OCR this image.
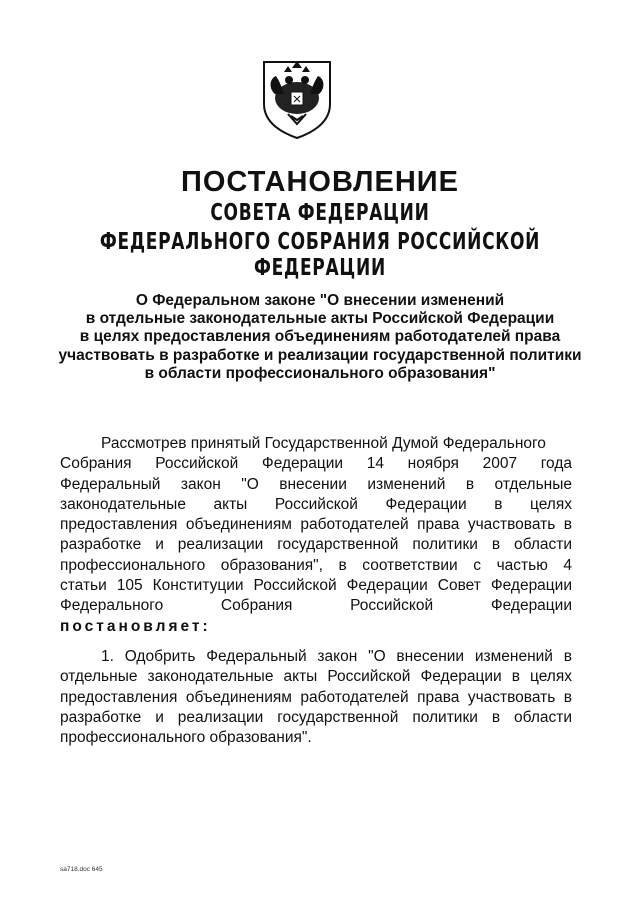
ПОСТАНОВЛЕНИЕ
СОВЕТА ФЕДЕРАЦИИ
ФЕДЕРАЛЬНОГО СОБРАНИЯ РОССИЙСКОЙ ФЕДЕРАЦИИ
О Федеральном законе "О внесении изменений
в отдельные законодательные акты Российской Федерации
в целях предоставления объединениям работодателей права
участвовать в разработке и реализации государственной политики
в области профессионального образования"
Рассмотрев принятый Государственной Думой Федерального
Собрания Российской Федерации 14 ноября 2007 года
Федеральный закон "О внесении изменений в отдельные
законодательные акты Российской Федерации в целях
предоставления объединениям работодателей права участвовать в
разработке и реализации государственной политики в области
профессионального образования", в соответствии с частью 4
статьи 105 Конституции Российской Федерации Совет Федерации
Федерального Собрания Российской Федерации
постановляет:
1. Одобрить Федеральный закон "О внесении изменений в
отдельные законодательные акты Российской Федерации в целях
предоставления объединениям работодателей права участвовать в
разработке и реализации государственной политики в области
профессионального образования".
sa718.doc 645
